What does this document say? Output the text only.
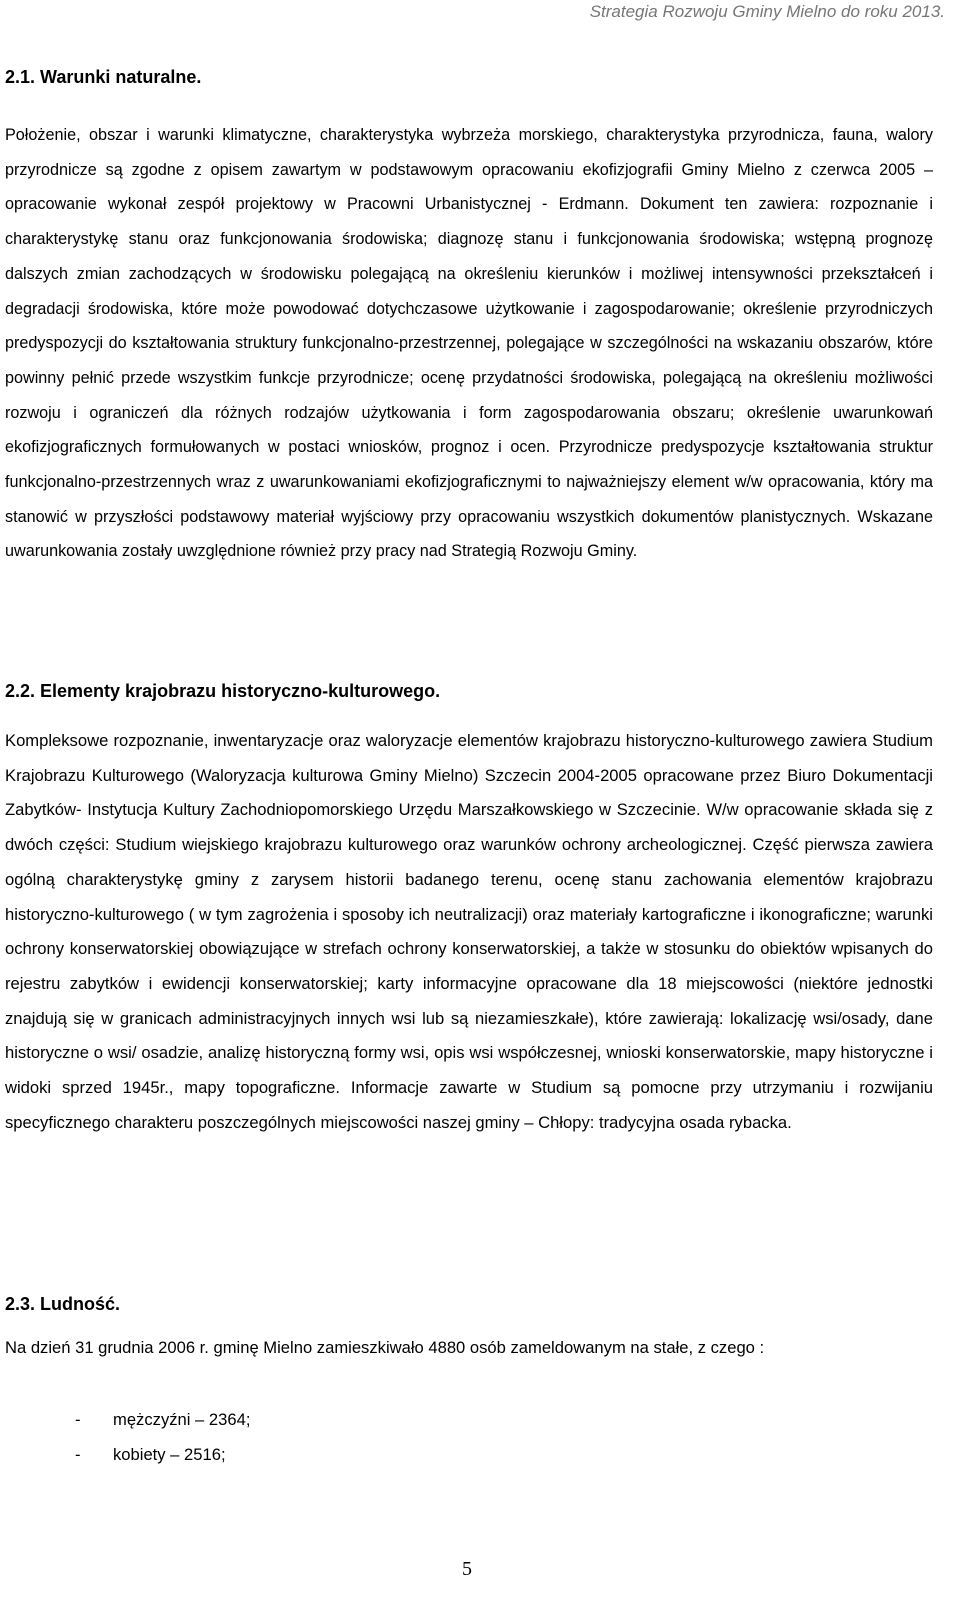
Strategia Rozwoju Gminy Mielno do roku 2013.
2.1. Warunki naturalne.

Położenie, obszar i warunki klimatyczne, charakterystyka wybrzeża morskiego, charakterystyka przyrodnicza, fauna, walory przyrodnicze są zgodne z opisem zawartym w podstawowym opracowaniu ekofizjografii Gminy Mielno z czerwca 2005 – opracowanie wykonał zespół projektowy w Pracowni Urbanistycznej - Erdmann. Dokument ten zawiera: rozpoznanie i charakterystykę stanu oraz funkcjonowania środowiska; diagnozę stanu i funkcjonowania środowiska; wstępną prognozę dalszych zmian zachodzących w środowisku polegającą na określeniu kierunków i możliwej intensywności przekształceń i degradacji środowiska, które może powodować dotychczasowe użytkowanie i zagospodarowanie; określenie przyrodniczych predyspozycji do kształtowania struktury funkcjonalno-przestrzennej, polegające w szczególności na wskazaniu obszarów, które powinny pełnić przede wszystkim funkcje przyrodnicze; ocenę przydatności środowiska, polegającą na określeniu możliwości rozwoju i ograniczeń dla różnych rodzajów użytkowania i form zagospodarowania obszaru; określenie uwarunkowań ekofizjograficznych formułowanych w postaci wniosków, prognoz i ocen. Przyrodnicze predyspozycje kształtowania struktur funkcjonalno-przestrzennych wraz z uwarunkowaniami ekofizjograficznymi to najważniejszy element w/w opracowania, który ma stanowić w przyszłości podstawowy materiał wyjściowy przy opracowaniu wszystkich dokumentów planistycznych. Wskazane uwarunkowania zostały uwzględnione również przy pracy nad Strategią Rozwoju Gminy.

2.2. Elementy krajobrazu historyczno-kulturowego.

Kompleksowe rozpoznanie, inwentaryzacje oraz waloryzacje elementów krajobrazu historyczno-kulturowego zawiera Studium Krajobrazu Kulturowego (Waloryzacja kulturowa Gminy Mielno) Szczecin 2004-2005 opracowane przez Biuro Dokumentacji Zabytków- Instytucja Kultury Zachodniopomorskiego Urzędu Marszałkowskiego w Szczecinie. W/w opracowanie składa się z dwóch części: Studium wiejskiego krajobrazu kulturowego oraz warunków ochrony archeologicznej. Część pierwsza zawiera ogólną charakterystykę gminy z zarysem historii badanego terenu, ocenę stanu zachowania elementów krajobrazu historyczno-kulturowego ( w tym zagrożenia i sposoby ich neutralizacji) oraz materiały kartograficzne i ikonograficzne; warunki ochrony konserwatorskiej obowiązujące w strefach ochrony konserwatorskiej, a także w stosunku do obiektów wpisanych do rejestru zabytków i ewidencji konserwatorskiej; karty informacyjne opracowane dla 18 miejscowości (niektóre jednostki znajdują się w granicach administracyjnych innych wsi lub są niezamieszkałe), które zawierają: lokalizację wsi/osady, dane historyczne o wsi/ osadzie, analizę historyczną formy wsi, opis wsi współczesnej, wnioski konserwatorskie, mapy historyczne i widoki sprzed 1945r., mapy topograficzne. Informacje zawarte w Studium są pomocne przy utrzymaniu i rozwijaniu specyficznego charakteru poszczególnych miejscowości naszej gminy – Chłopy: tradycyjna osada rybacka.

2.3. Ludność.

Na dzień 31 grudnia 2006 r. gminę Mielno zamieszkiwało 4880 osób zameldowanym na stałe, z czego :

- mężczyźni – 2364;
- kobiety – 2516;
5
